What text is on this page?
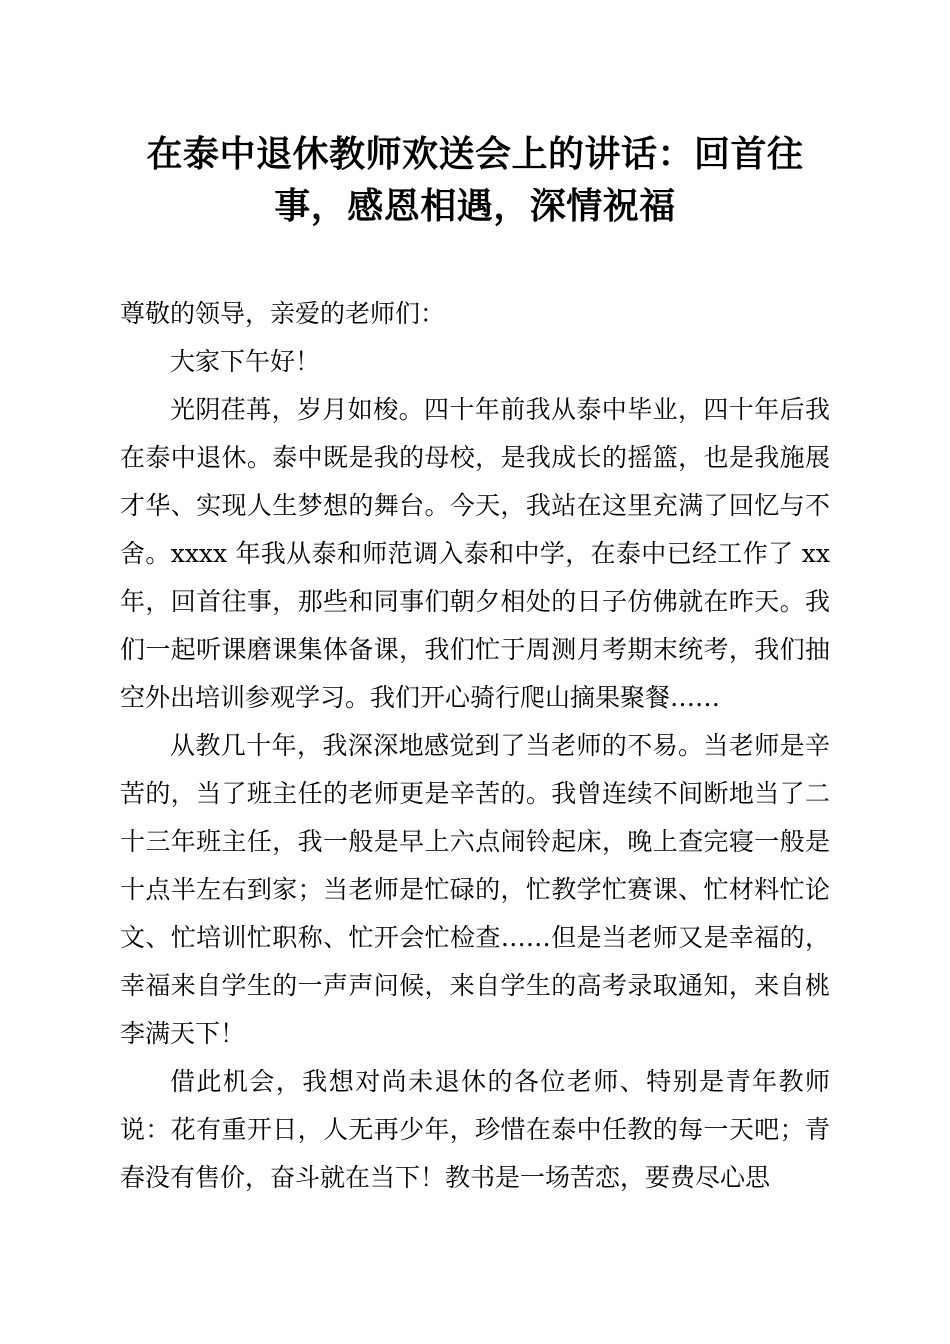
在泰中退休教师欢送会上的讲话：回首往事，感恩相遇，深情祝福

尊敬的领导，亲爱的老师们：

大家下午好！

光阴荏苒，岁月如梭。四十年前我从泰中毕业，四十年后我在泰中退休。泰中既是我的母校，是我成长的摇篮，也是我施展才华、实现人生梦想的舞台。今天，我站在这里充满了回忆与不舍。xxxx 年我从泰和师范调入泰和中学，在泰中已经工作了 xx 年，回首往事，那些和同事们朝夕相处的日子仿佛就在昨天。我们一起听课磨课集体备课，我们忙于周测月考期末统考，我们抽空外出培训参观学习。我们开心骑行爬山摘果聚餐……

从教几十年，我深深地感觉到了当老师的不易。当老师是辛苦的，当了班主任的老师更是辛苦的。我曾连续不间断地当了二十三年班主任，我一般是早上六点闹铃起床，晚上查完寝一般是十点半左右到家；当老师是忙碌的，忙教学忙赛课、忙材料忙论文、忙培训忙职称、忙开会忙检查……但是当老师又是幸福的，幸福来自学生的一声声问候，来自学生的高考录取通知，来自桃李满天下！

借此机会，我想对尚未退休的各位老师、特别是青年教师说：花有重开日，人无再少年，珍惜在泰中任教的每一天吧；青春没有售价，奋斗就在当下！教书是一场苦恋，要费尽心思
